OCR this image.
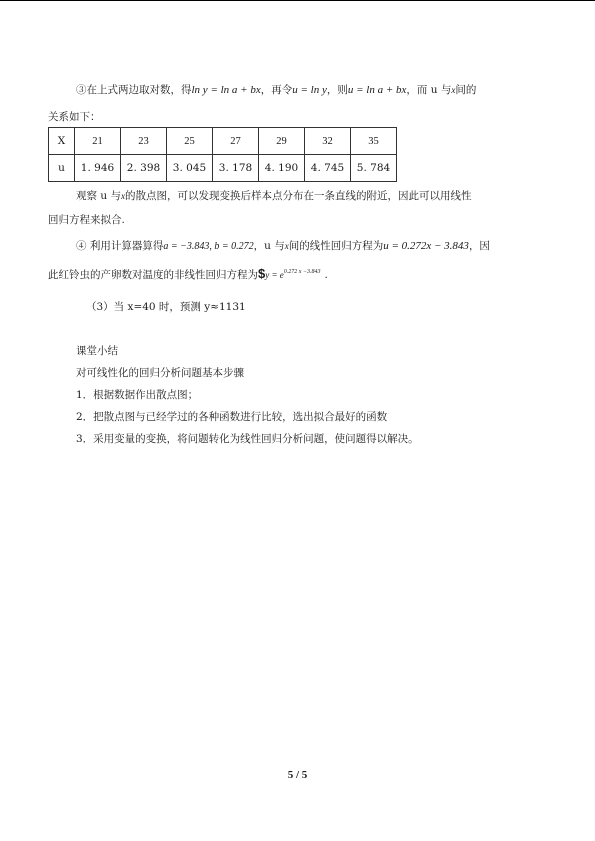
③在上式两边取对数，得ln y = ln a + bx，再令u = ln y，则u = ln a + bx，而 u 与x间的
关系如下：
X	21	23	25	27	29	32	35
u	1. 946	2. 398	3. 045	3. 178	4. 190	4. 745	5. 784
观察 u 与x的散点图，可以发现变换后样本点分布在一条直线的附近，因此可以用线性
回归方程来拟合.
④ 利用计算器算得a = −3.843, b = 0.272，u 与x间的线性回归方程为u = 0.272x − 3.843，因
此红铃虫的产卵数对温度的非线性回归方程为$y = $e^{0.272 x -3.843}$ .
（3）当 x=40 时，预测 y≈1131
课堂小结
对可线性化的回归分析问题基本步骤
1．根据数据作出散点图；
2．把散点图与已经学过的各种函数进行比较，选出拟合最好的函数
3．采用变量的变换，将问题转化为线性回归分析问题，使问题得以解决。
5 / 5
